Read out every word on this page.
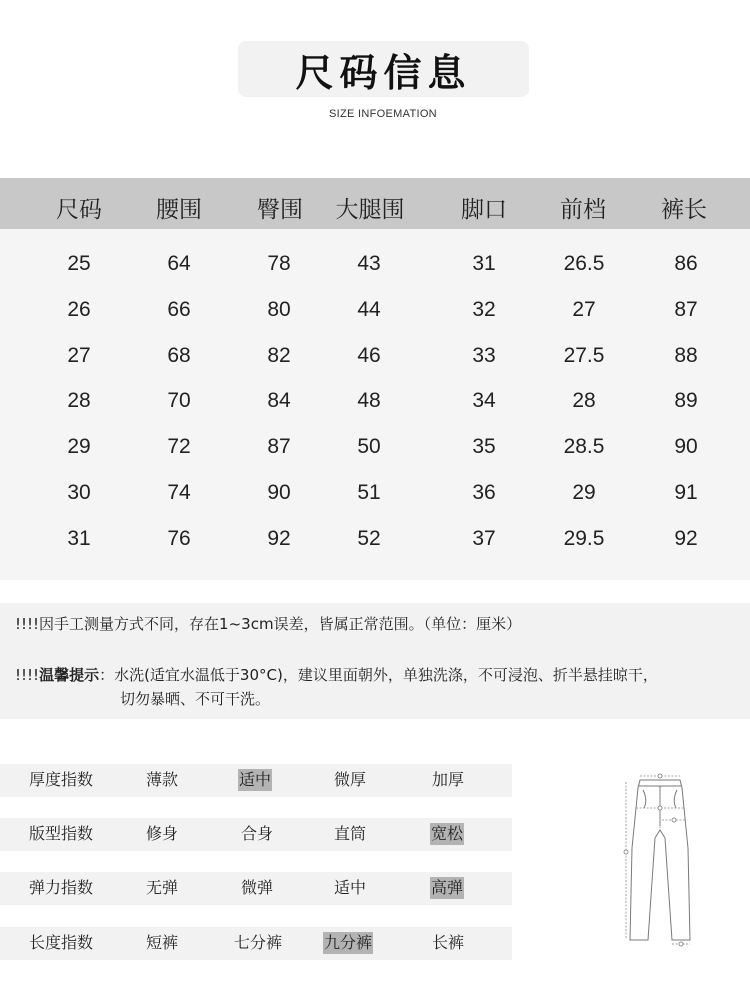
尺码信息
SIZE INFOEMATION
尺码	腰围	臀围	大腿围	脚口	前档	裤长
25	64	78	43	31	26.5	86
26	66	80	44	32	27	87
27	68	82	46	33	27.5	88
28	70	84	48	34	28	89
29	72	87	50	35	28.5	90
30	74	90	51	36	29	91
31	76	92	52	37	29.5	92
!!!!因手工测量方式不同，存在1~3cm误差，皆属正常范围。（单位：厘米）
!!!!温馨提示：水洗(适宜水温低于30°C)，建议里面朝外，单独洗涤，不可浸泡、折半悬挂晾干，
切勿暴晒、不可干洗。
厚度指数	薄款	适中	微厚	加厚
版型指数	修身	合身	直筒	宽松
弹力指数	无弹	微弹	适中	高弹
长度指数	短裤	七分裤	九分裤	长裤
